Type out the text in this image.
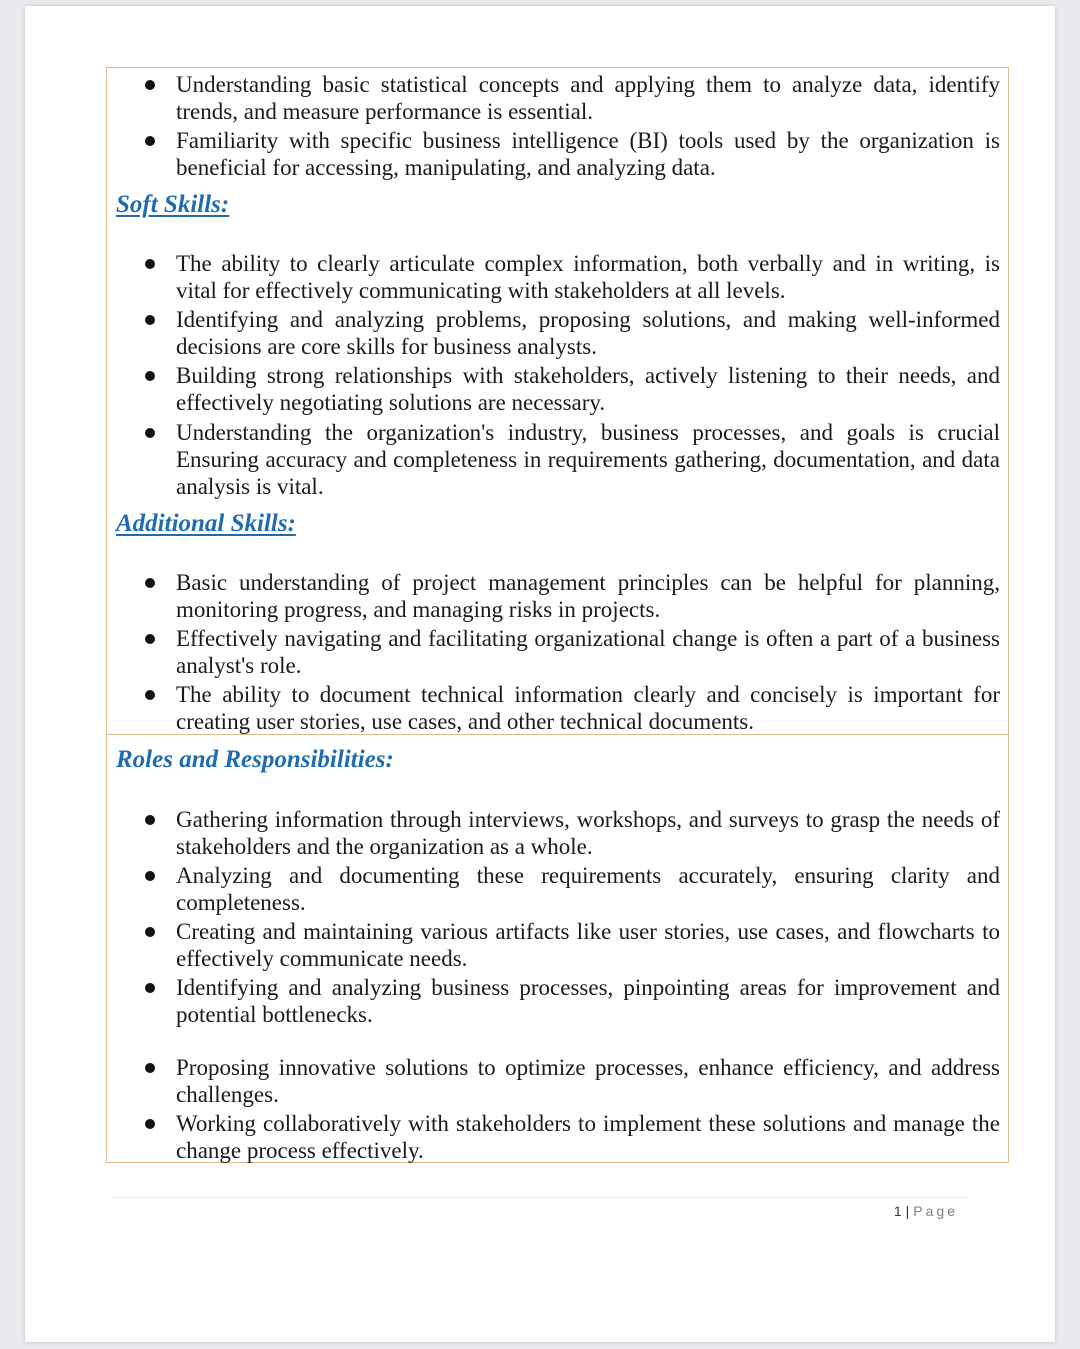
Understanding basic statistical concepts and applying them to analyze data, identify trends, and measure performance is essential.

Familiarity with specific business intelligence (BI) tools used by the organization is beneficial for accessing, manipulating, and analyzing data.

Soft Skills:

The ability to clearly articulate complex information, both verbally and in writing, is vital for effectively communicating with stakeholders at all levels.

Identifying and analyzing problems, proposing solutions, and making well-informed decisions are core skills for business analysts.

Building strong relationships with stakeholders, actively listening to their needs, and effectively negotiating solutions are necessary.

Understanding the organization's industry, business processes, and goals is crucial Ensuring accuracy and completeness in requirements gathering, documentation, and data analysis is vital.

Additional Skills:

Basic understanding of project management principles can be helpful for planning, monitoring progress, and managing risks in projects.

Effectively navigating and facilitating organizational change is often a part of a business analyst's role.

The ability to document technical information clearly and concisely is important for creating user stories, use cases, and other technical documents.

Roles and Responsibilities:

Gathering information through interviews, workshops, and surveys to grasp the needs of stakeholders and the organization as a whole.

Analyzing and documenting these requirements accurately, ensuring clarity and completeness.

Creating and maintaining various artifacts like user stories, use cases, and flowcharts to effectively communicate needs.

Identifying and analyzing business processes, pinpointing areas for improvement and potential bottlenecks.

Proposing innovative solutions to optimize processes, enhance efficiency, and address challenges.

Working collaboratively with stakeholders to implement these solutions and manage the change process effectively.

1 | Page
